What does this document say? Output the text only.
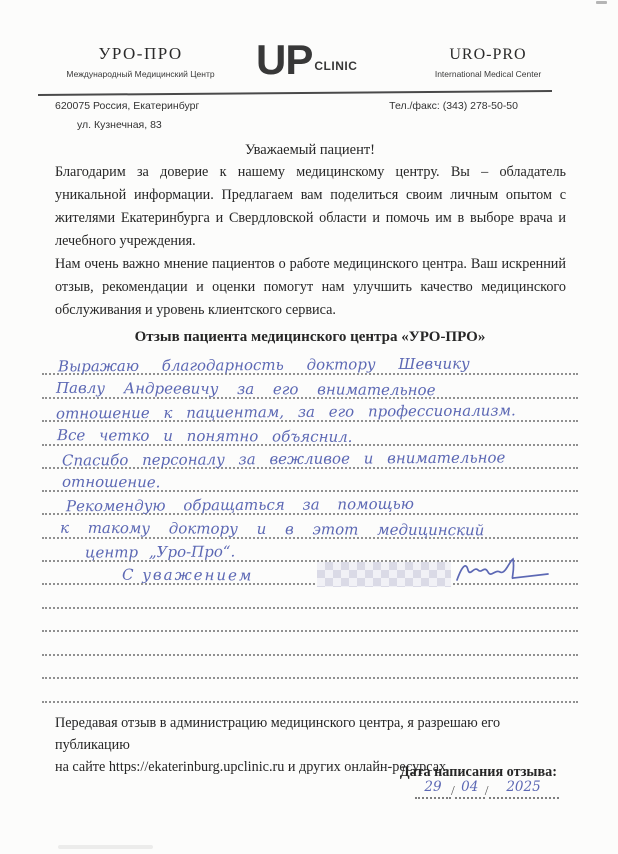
УРО-ПРО
Международный Медицинский Центр UP $^{CLINIC}$
URO-PRO
International Medical Center
620075 Россия, Екатеринбург
ул. Кузнечная, 83
Тел./факс: (343) 278-50-50
Уважаемый пациент!
Благодарим за доверие к нашему медицинскому центру. Вы – обладатель уникальной информации. Предлагаем вам поделиться своим личным опытом с жителями Екатеринбурга и Свердловской области и помочь им в выборе врача и лечебного учреждения.
Нам очень важно мнение пациентов о работе медицинского центра. Ваш искренний отзыв, рекомендации и оценки помогут нам улучшить качество медицинского обслуживания и уровень клиентского сервиса.
Отзыв пациента медицинского центра «УРО-ПРО»
Выражаю благодарность доктору Шевчику
Павлу Андреевичу за его внимательное
отношение к пациентам, за его профессионализм.
Все четко и понятно объяснил.
Спасибо персоналу за вежливое и внимательное
отношение.
Рекомендую обращаться за помощью
к такому доктору и в этот медицинский
центр „Уро-Про“.
С уважением
Передавая отзыв в администрацию медицинского центра, я разрешаю его публикацию
на сайте https://ekaterinburg.upclinic.ru и других онлайн-ресурсах.
Дата написания отзыва:
29 / 04 / 2025
